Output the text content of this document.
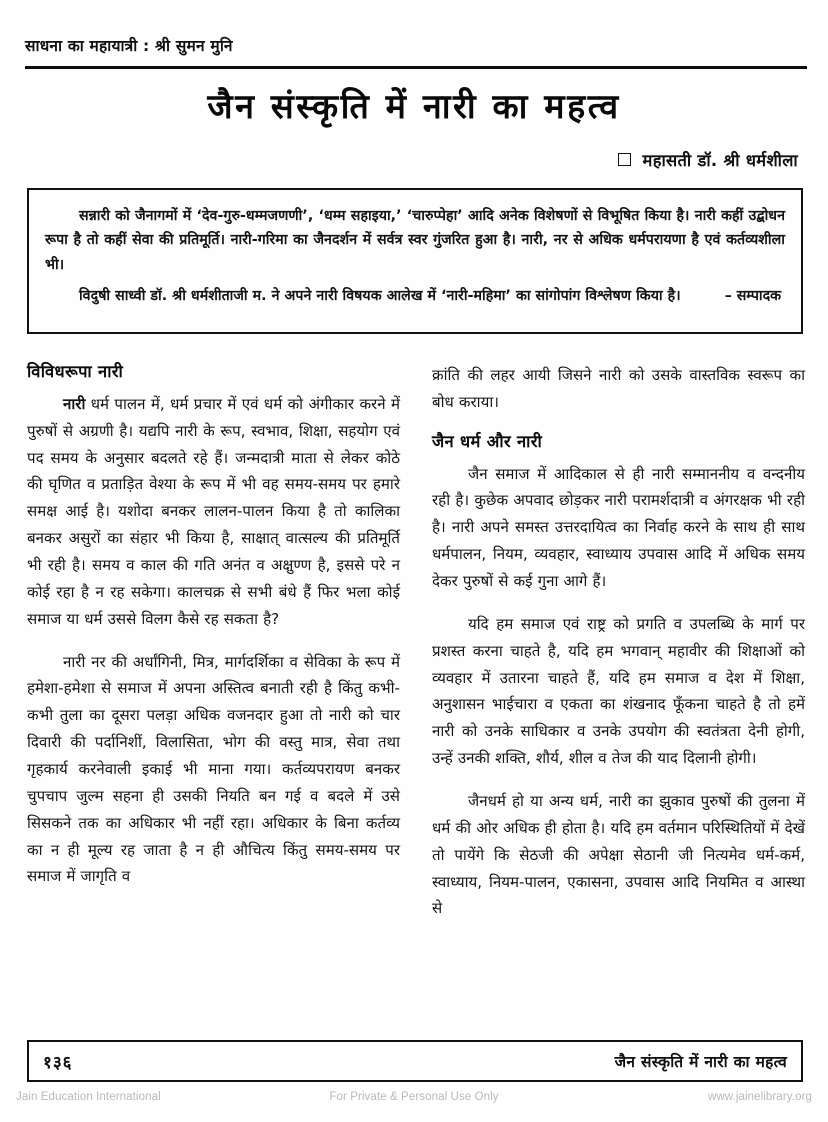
साधना का महायात्री : श्री सुमन मुनि
जैन संस्कृति में नारी का महत्व
महासती डॉ. श्री धर्मशीला

सन्नारी को जैनागमों में ‘देव-गुरु-धम्मजणणी’, ‘धम्म सहाइया,’ ‘चारुप्पेहा’ आदि अनेक विशेषणों से विभूषित किया है। नारी कहीं उद्बोधन रूपा है तो कहीं सेवा की प्रतिमूर्ति। नारी-गरिमा का जैनदर्शन में सर्वत्र स्वर गुंजरित हुआ है। नारी, नर से अधिक धर्मपरायणा है एवं कर्तव्यशीला भी।

विदुषी साध्वी डॉ. श्री धर्मशीताजी म. ने अपने नारी विषयक आलेख में ‘नारी-महिमा’ का सांगोपांग विश्लेषण किया है।	– सम्पादक
विविधरूपा नारी

नारी धर्म पालन में, धर्म प्रचार में एवं धर्म को अंगीकार करने में पुरुषों से अग्रणी है। यद्यपि नारी के रूप, स्वभाव, शिक्षा, सहयोग एवं पद समय के अनुसार बदलते रहे हैं। जन्मदात्री माता से लेकर कोठे की घृणित व प्रताड़ित वेश्या के रूप में भी वह समय-समय पर हमारे समक्ष आई है। यशोदा बनकर लालन-पालन किया है तो कालिका बनकर असुरों का संहार भी किया है, साक्षात् वात्सल्य की प्रतिमूर्ति भी रही है। समय व काल की गति अनंत व अक्षुण्ण है, इससे परे न कोई रहा है न रह सकेगा। कालचक्र से सभी बंधे हैं फिर भला कोई समाज या धर्म उससे विलग कैसे रह सकता है?

नारी नर की अर्धांगिनी, मित्र, मार्गदर्शिका व सेविका के रूप में हमेशा-हमेशा से समाज में अपना अस्तित्व बनाती रही है किंतु कभी-कभी तुला का दूसरा पलड़ा अधिक वजनदार हुआ तो नारी को चार दिवारी की पर्दानिशीं, विलासिता, भोग की वस्तु मात्र, सेवा तथा गृहकार्य करनेवाली इकाई भी माना गया। कर्तव्यपरायण बनकर चुपचाप जुल्म सहना ही उसकी नियति बन गई व बदले में उसे सिसकने तक का अधिकार भी नहीं रहा। अधिकार के बिना कर्तव्य का न ही मूल्य रह जाता है न ही औचित्य किंतु समय-समय पर समाज में जागृति व

क्रांति की लहर आयी जिसने नारी को उसके वास्तविक स्वरूप का बोध कराया।

जैन धर्म और नारी

जैन समाज में आदिकाल से ही नारी सम्माननीय व वन्दनीय रही है। कुछेक अपवाद छोड़कर नारी परामर्शदात्री व अंगरक्षक भी रही है। नारी अपने समस्त उत्तरदायित्व का निर्वाह करने के साथ ही साथ धर्मपालन, नियम, व्यवहार, स्वाध्याय उपवास आदि में अधिक समय देकर पुरुषों से कई गुना आगे हैं।

यदि हम समाज एवं राष्ट्र को प्रगति व उपलब्धि के मार्ग पर प्रशस्त करना चाहते है, यदि हम भगवान् महावीर की शिक्षाओं को व्यवहार में उतारना चाहते हैं, यदि हम समाज व देश में शिक्षा, अनुशासन भाईचारा व एकता का शंखनाद फूँकना चाहते है तो हमें नारी को उनके साधिकार व उनके उपयोग की स्वतंत्रता देनी होगी, उन्हें उनकी शक्ति, शौर्य, शील व तेज की याद दिलानी होगी।

जैनधर्म हो या अन्य धर्म, नारी का झुकाव पुरुषों की तुलना में धर्म की ओर अधिक ही होता है। यदि हम वर्तमान परिस्थितियों में देखें तो पायेंगे कि सेठजी की अपेक्षा सेठानी जी नित्यमेव धर्म-कर्म, स्वाध्याय, नियम-पालन, एकासना, उपवास आदि नियमित व आस्था से

१३६	जैन संस्कृति में नारी का महत्व
Jain Education International	For Private & Personal Use Only	www.jainelibrary.org
